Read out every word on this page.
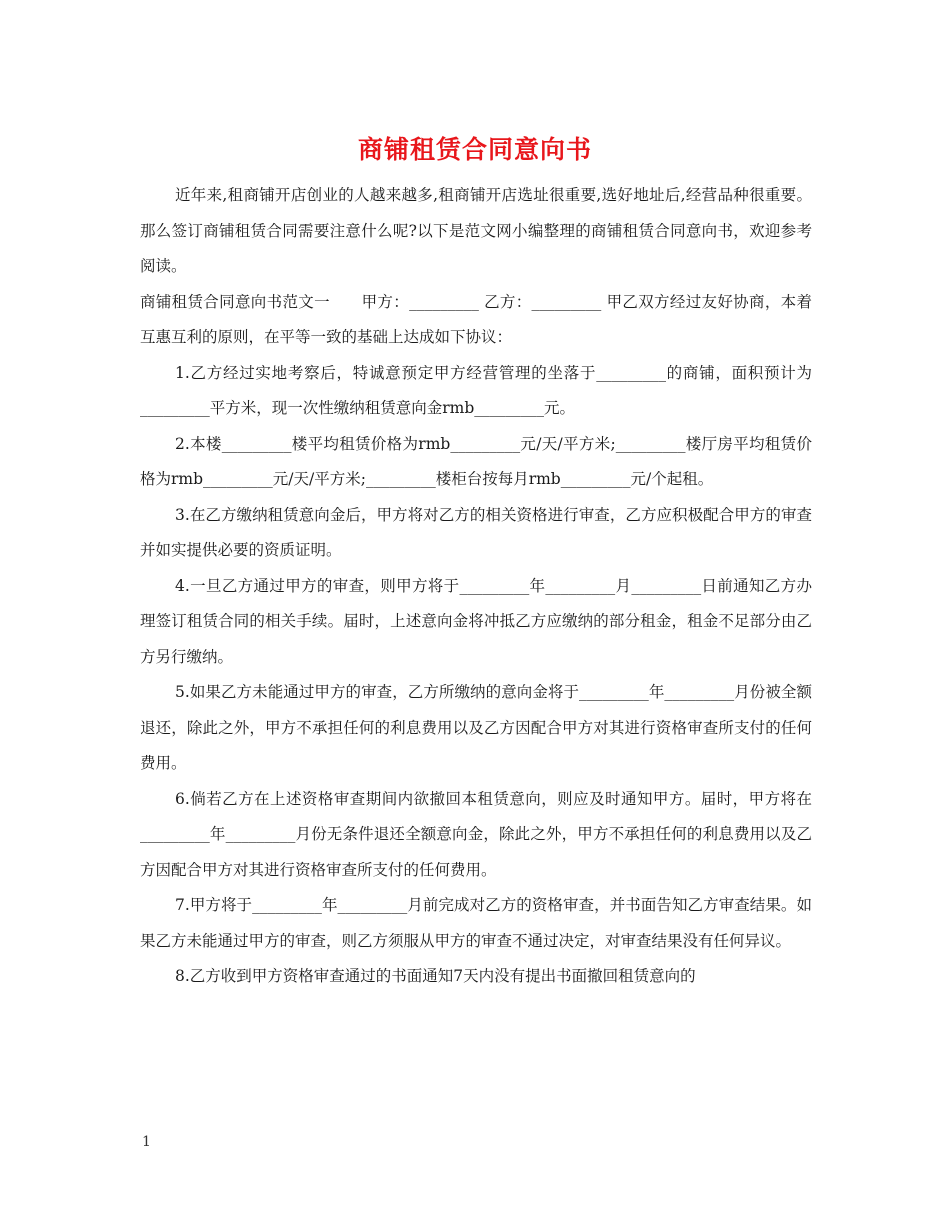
商铺租赁合同意向书

近年来,租商铺开店创业的人越来越多,租商铺开店选址很重要,选好地址后,经营品种很重要。那么签订商铺租赁合同需要注意什么呢?以下是范文网小编整理的商铺租赁合同意向书，欢迎参考阅读。

商铺租赁合同意向书范文一　　甲方：_________ 乙方：_________ 甲乙双方经过友好协商，本着互惠互利的原则，在平等一致的基础上达成如下协议：

1.乙方经过实地考察后，特诚意预定甲方经营管理的坐落于_________的商铺，面积预计为_________平方米，现一次性缴纳租赁意向金rmb_________元。

2.本楼_________楼平均租赁价格为rmb_________元/天/平方米;_________楼厅房平均租赁价格为rmb_________元/天/平方米;_________楼柜台按每月rmb_________元/个起租。

3.在乙方缴纳租赁意向金后，甲方将对乙方的相关资格进行审查，乙方应积极配合甲方的审查并如实提供必要的资质证明。

4.一旦乙方通过甲方的审查，则甲方将于_________年_________月_________日前通知乙方办理签订租赁合同的相关手续。届时，上述意向金将冲抵乙方应缴纳的部分租金，租金不足部分由乙方另行缴纳。

5.如果乙方未能通过甲方的审查，乙方所缴纳的意向金将于_________年_________月份被全额退还，除此之外，甲方不承担任何的利息费用以及乙方因配合甲方对其进行资格审查所支付的任何费用。

6.倘若乙方在上述资格审查期间内欲撤回本租赁意向，则应及时通知甲方。届时，甲方将在_________年_________月份无条件退还全额意向金，除此之外，甲方不承担任何的利息费用以及乙方因配合甲方对其进行资格审查所支付的任何费用。

7.甲方将于_________年_________月前完成对乙方的资格审查，并书面告知乙方审查结果。如果乙方未能通过甲方的审查，则乙方须服从甲方的审查不通过决定，对审查结果没有任何异议。

8.乙方收到甲方资格审查通过的书面通知7天内没有提出书面撤回租赁意向的

1
